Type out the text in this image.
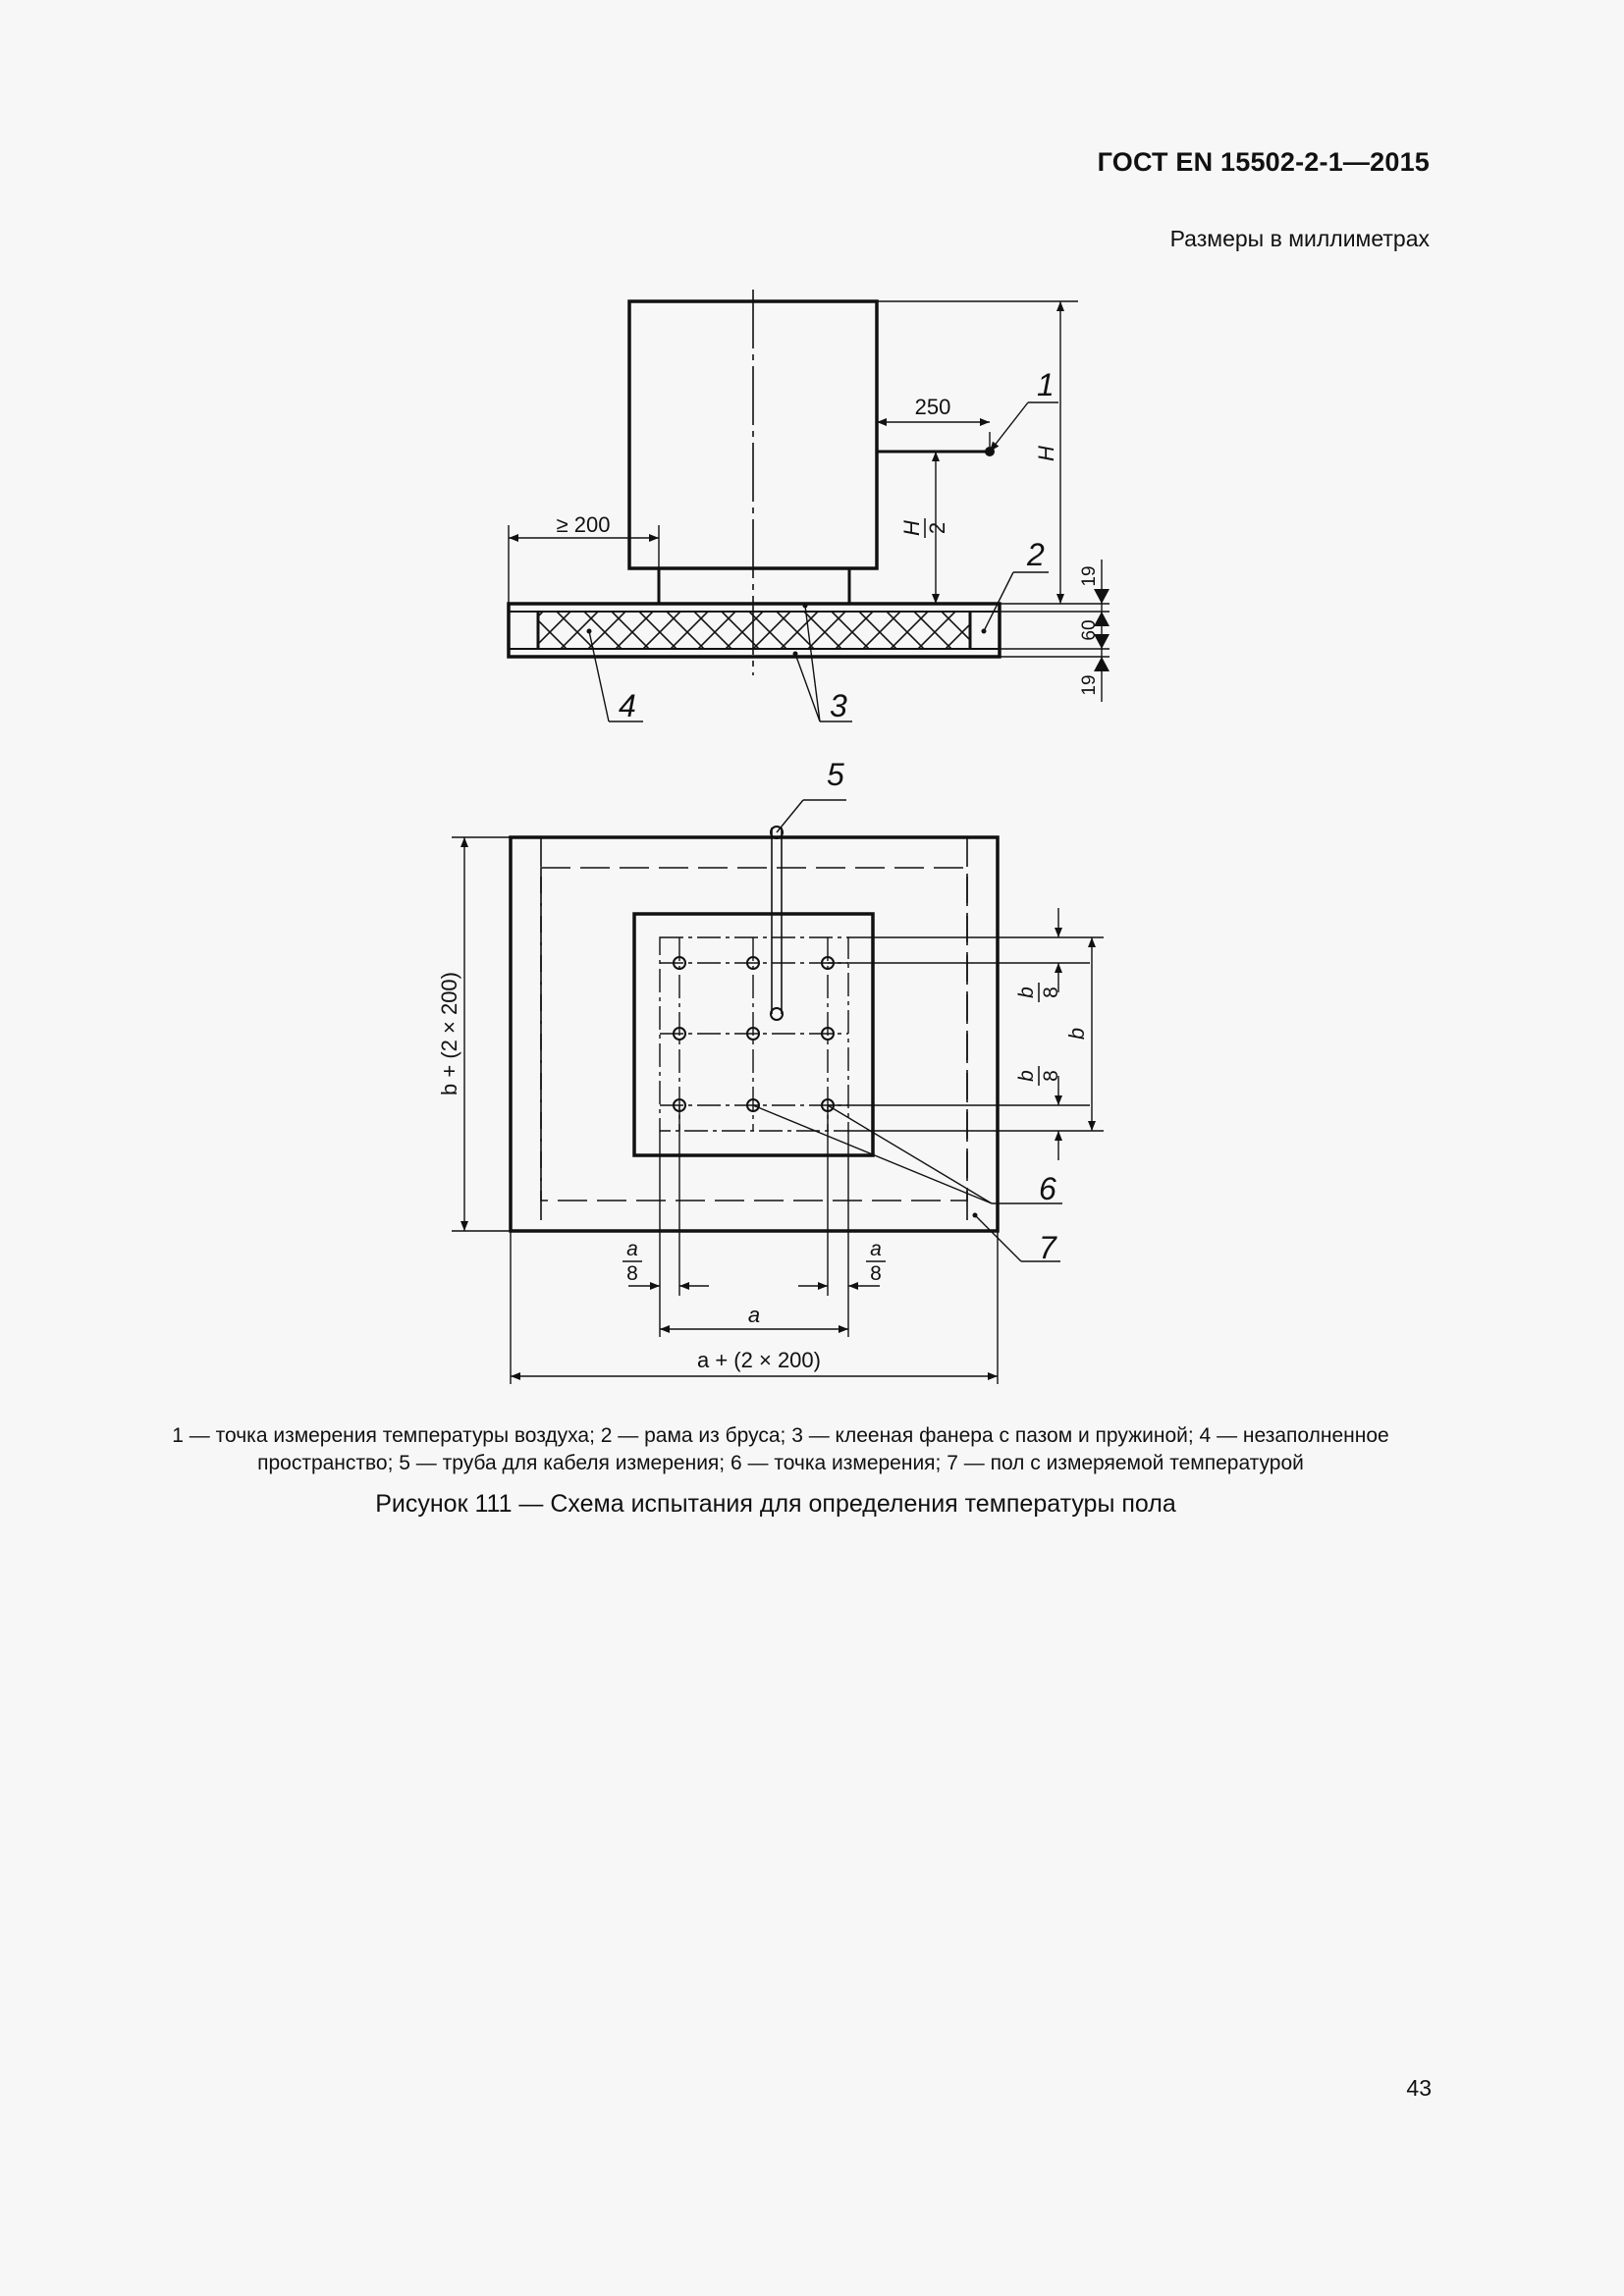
ГОСТ EN 15502-2-1—2015
Размеры в миллиметрах
250
≥ 200
H
H 2
19
60
19
1
2
3
4
5
6
7
b 8
b 8
b
b + (2 × 200)
a
8
a
8
a
a + (2 × 200)
1 — точка измерения температуры воздуха; 2 — рама из бруса; 3 — клееная фанера с пазом и пружиной; 4 — незаполненное
пространство; 5 — труба для кабеля измерения; 6 — точка измерения; 7 — пол с измеряемой температурой
Рисунок 111 — Схема испытания для определения температуры пола
43
